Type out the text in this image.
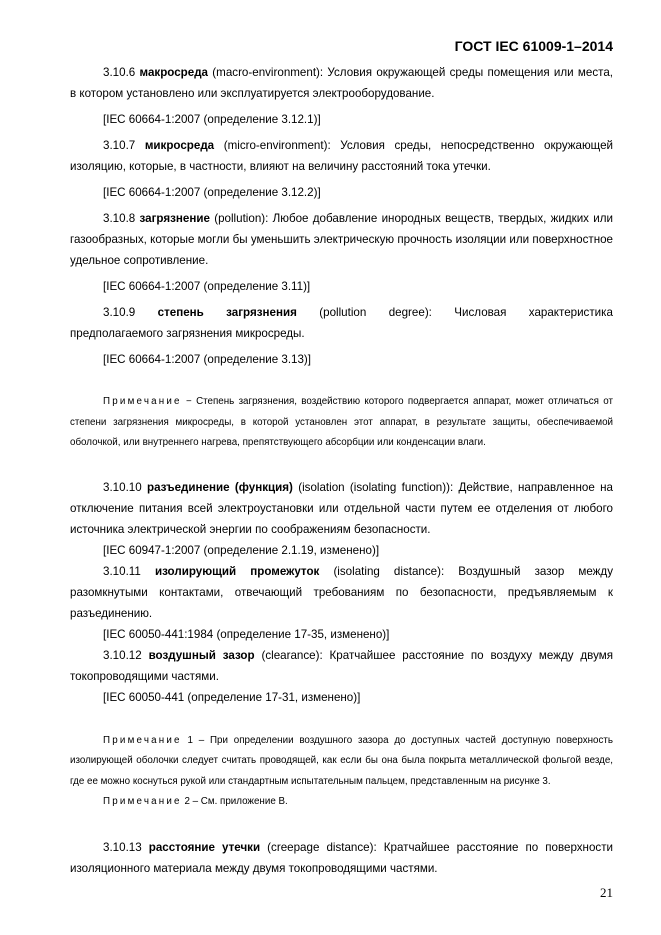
ГОСТ IEC 61009-1–2014

3.10.6 макросреда (macro-environment): Условия окружающей среды помещения или места, в котором установлено или эксплуатируется электрооборудование.

[IEC 60664-1:2007 (определение 3.12.1)]

3.10.7 микросреда (micro-environment): Условия среды, непосредственно окружающей изоляцию, которые, в частности, влияют на величину расстояний тока утечки.

[IEC 60664-1:2007 (определение 3.12.2)]

3.10.8 загрязнение (pollution): Любое добавление инородных веществ, твердых, жидких или газообразных, которые могли бы уменьшить электрическую прочность изоляции или поверхностное удельное сопротивление.

[IEC 60664-1:2007 (определение 3.11)]

3.10.9 степень загрязнения (pollution degree): Числовая характеристика

предполагаемого загрязнения микросреды.

[IEC 60664-1:2007 (определение 3.13)]

Примечание − Степень загрязнения, воздействию которого подвергается аппарат, может отличаться от степени загрязнения микросреды, в которой установлен этот аппарат, в результате защиты, обеспечиваемой оболочкой, или внутреннего нагрева, препятствующего абсорбции или конденсации влаги.

3.10.10 разъединение (функция) (isolation (isolating function)): Действие, направленное на отключение питания всей электроустановки или отдельной части путем ее отделения от любого источника электрической энергии по соображениям безопасности.

[IEC 60947-1:2007 (определение 2.1.19, изменено)]

3.10.11 изолирующий промежуток (isolating distance): Воздушный зазор между разомкнутыми контактами, отвечающий требованиям по безопасности, предъявляемым к разъединению.

[IEC 60050-441:1984 (определение 17-35, изменено)]

3.10.12 воздушный зазор (clearance): Кратчайшее расстояние по воздуху между двумя токопроводящими частями.

[IEC 60050-441 (определение 17-31, изменено)]

Примечание 1 – При определении воздушного зазора до доступных частей доступную поверхность изолирующей оболочки следует считать проводящей, как если бы она была покрыта металлической фольгой везде, где ее можно коснуться рукой или стандартным испытательным пальцем, представленным на рисунке 3.

Примечание 2 – См. приложение В.

3.10.13 расстояние утечки (creepage distance): Кратчайшее расстояние по поверхности изоляционного материала между двумя токопроводящими частями.

21
